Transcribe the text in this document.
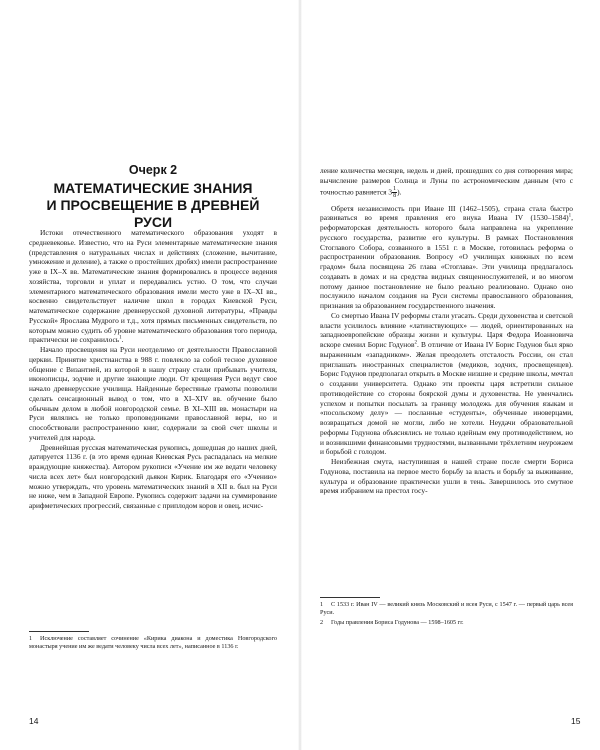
Очерк 2
МАТЕМАТИЧЕСКИЕ ЗНАНИЯ
И ПРОСВЕЩЕНИЕ В ДРЕВНЕЙ РУСИ

Истоки отечественного математического образования уходят в средневековье. Известно, что на Руси элементарные математические знания (представления о натуральных числах и действиях (сложение, вычитание, умножение и деление), а также о простейших дробях) имели распространение уже в IX–X вв. Математические знания формировались в процессе ведения хозяйства, торговли и уплат и передавались устно. О том, что случаи элементарного математического образования имели место уже в IX–XI вв., косвенно свидетельствует наличие школ в городах Киевской Руси, математическое содержание древнерусской духовной литературы, «Правды Русской» Ярослава Мудрого и т.д., хотя прямых письменных свидетельств, по которым можно судить об уровне математического образования того периода, практически не сохранилось$^1$.

Начало просвещения на Руси неотделимо от деятельности Православной церкви. Принятие христианства в 988 г. повлекло за собой тесное духовное общение с Византией, из которой в нашу страну стали прибывать учителя, иконописцы, зодчие и другие знающие люди. От крещения Руси ведут свое начало древнерусские училища. Найденные берестяные грамоты позволили сделать сенсационный вывод о том, что в XI–XIV вв. обучение было обычным делом в любой новгородской семье. В XI–XIII вв. монастыри на Руси являлись не только проповедниками православной веры, но и способствовали распространению книг, содержали за свой счет школы и учителей для народа.

Древнейшая русская математическая рукопись, дошедшая до наших дней, датируется 1136 г. (в это время единая Киевская Русь распадалась на мелкие враждующие княжества). Автором рукописи «Учение им же ведати человеку числа всех лет» был новгородский дьякон Кирик. Благодаря его «Учению» можно утверждать, что уровень математических знаний в XII в. был на Руси не ниже, чем в Западной Европе. Рукопись содержит задачи на суммирование арифметических прогрессий, связанные с приплодом коров и овец, исчис-

1 Исключение составляет сочинение «Кирика диакона и доместика Новгородского монастыря учение им же ведати человеку числа всех лет», написанное в 1136 г.
14

ление количества месяцев, недель и дней, прошедших со дня сотворения мира; вычисление размеров Солнца и Луны по астрономическим данным (что с точностью равняется $3 \frac{1}{8}$ ).

Обретя независимость при Иване III (1462–1505), страна стала быстро развиваться во время правления его внука Ивана IV (1530–1584)$^1$, реформаторская деятельность которого была направлена на укрепление русского государства, развитие его культуры. В рамках Постановления Стоглавого Собора, созванного в 1551 г. в Москве, готовилась реформа о распространении образования. Вопросу «О училищах книжных по всем градом» была посвящена 26 глава «Стоглава». Эти училища предлагалось создавать в домах и на средства видных священнослужителей, и во многом потому данное постановление не было реально реализовано. Однако оно послужило началом создания на Руси системы православного образования, признания за образованием государственного значения.

Со смертью Ивана IV реформы стали угасать. Среди духовенства и светской власти усилилось влияние «латинствующих» — людей, ориентированных на западноевропейские образцы жизни и культуры. Царя Федора Иоанновича вскоре сменил Борис Годунов$^2$. В отличие от Ивана IV Борис Годунов был ярко выраженным «западником». Желая преодолеть отсталость России, он стал приглашать иностранных специалистов (медиков, зодчих, просвещенцев). Борис Годунов предполагал открыть в Москве низшие и средние школы, мечтал о создании университета. Однако эти проекты царя встретили сильное противодействие со стороны боярской думы и духовенства. Не увенчались успехом и попытки посылать за границу молодежь для обучения языкам и «посольскому делу» — посланные «студенты», обученные иноверцами, возвращаться домой не могли, либо не хотели. Неудачи образовательной реформы Годунова объяснялись не только идейным ему противодействием, но и возникшими финансовыми трудностями, вызванными трёхлетним неурожаем и борьбой с голодом.

Неизбежная смута, наступившая в нашей стране после смерти Бориса Годунова, поставила на первое место борьбу за власть и борьбу за выживание, культура и образование практически ушли в тень. Завершилось это смутное время избранием на престол госу-

1 С 1533 г. Иван IV — великий князь Московский и всея Руси, с 1547 г. — первый царь всея Руси.
2 Годы правления Бориса Годунова — 1598–1605 гг.
15
